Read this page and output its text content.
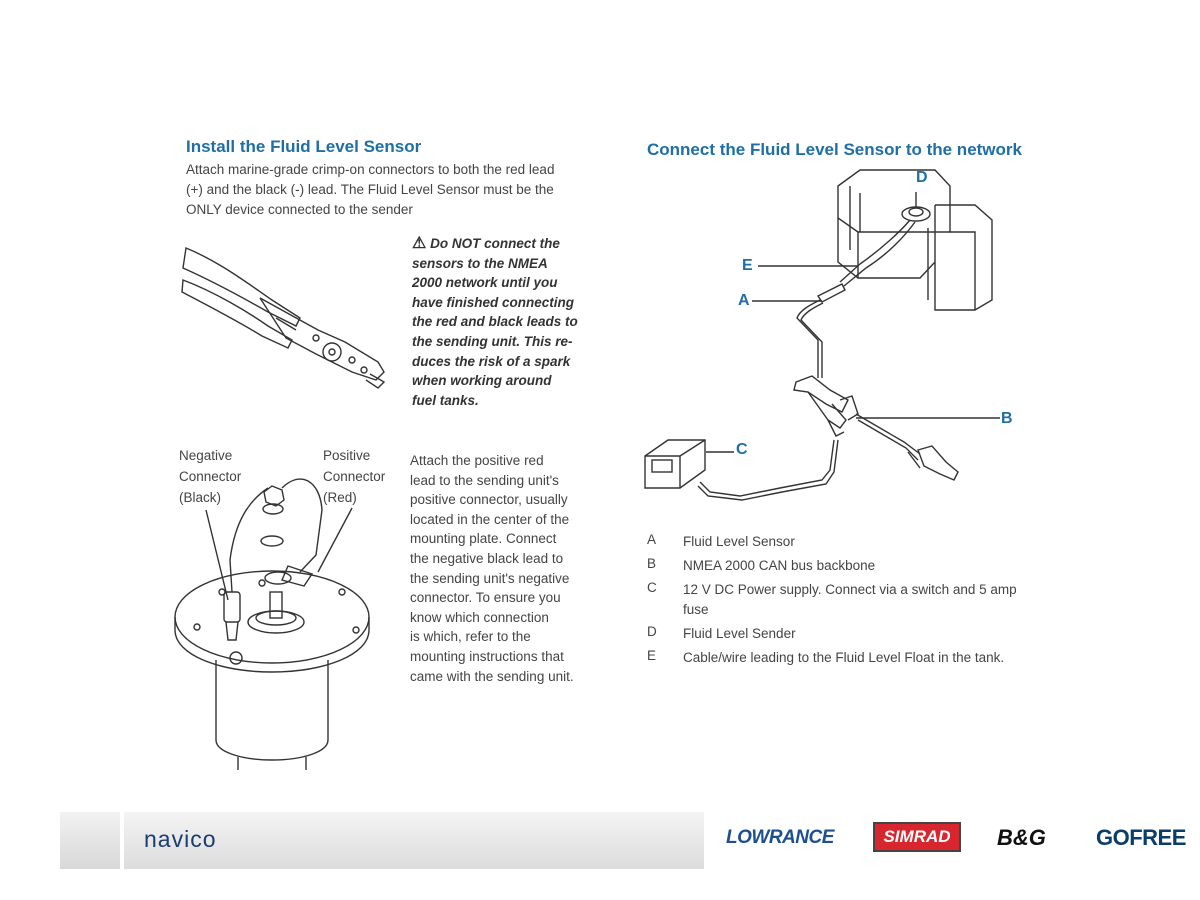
Install the Fluid Level Sensor
Attach marine-grade crimp-on connectors to both the red lead
(+) and the black (-) lead. The Fluid Level Sensor must be the
ONLY device connected to the sender
⚠ Do NOT connect the
sensors to the NMEA
2000 network until you
have finished connecting
the red and black leads to
the sending unit. This re-
duces the risk of a spark
when working around
fuel tanks.
Negative
Connector
(Black)
Positive
Connector
(Red)
Attach the positive red
lead to the sending unit's
positive connector, usually
located in the center of the
mounting plate. Connect
the negative black lead to
the sending unit's negative
connector. To ensure you
know which connection
is which, refer to the
mounting instructions that
came with the sending unit.
Connect the Fluid Level Sensor to the network
D
E
A
B
C
A	Fluid Level Sensor
B	NMEA 2000 CAN bus backbone
C	12 V DC Power supply. Connect via a switch and 5 amp fuse
D	Fluid Level Sender
E	Cable/wire leading to the Fluid Level Float in the tank.
navico	LOWRANCE	SIMRAD	B&G GOFREE
